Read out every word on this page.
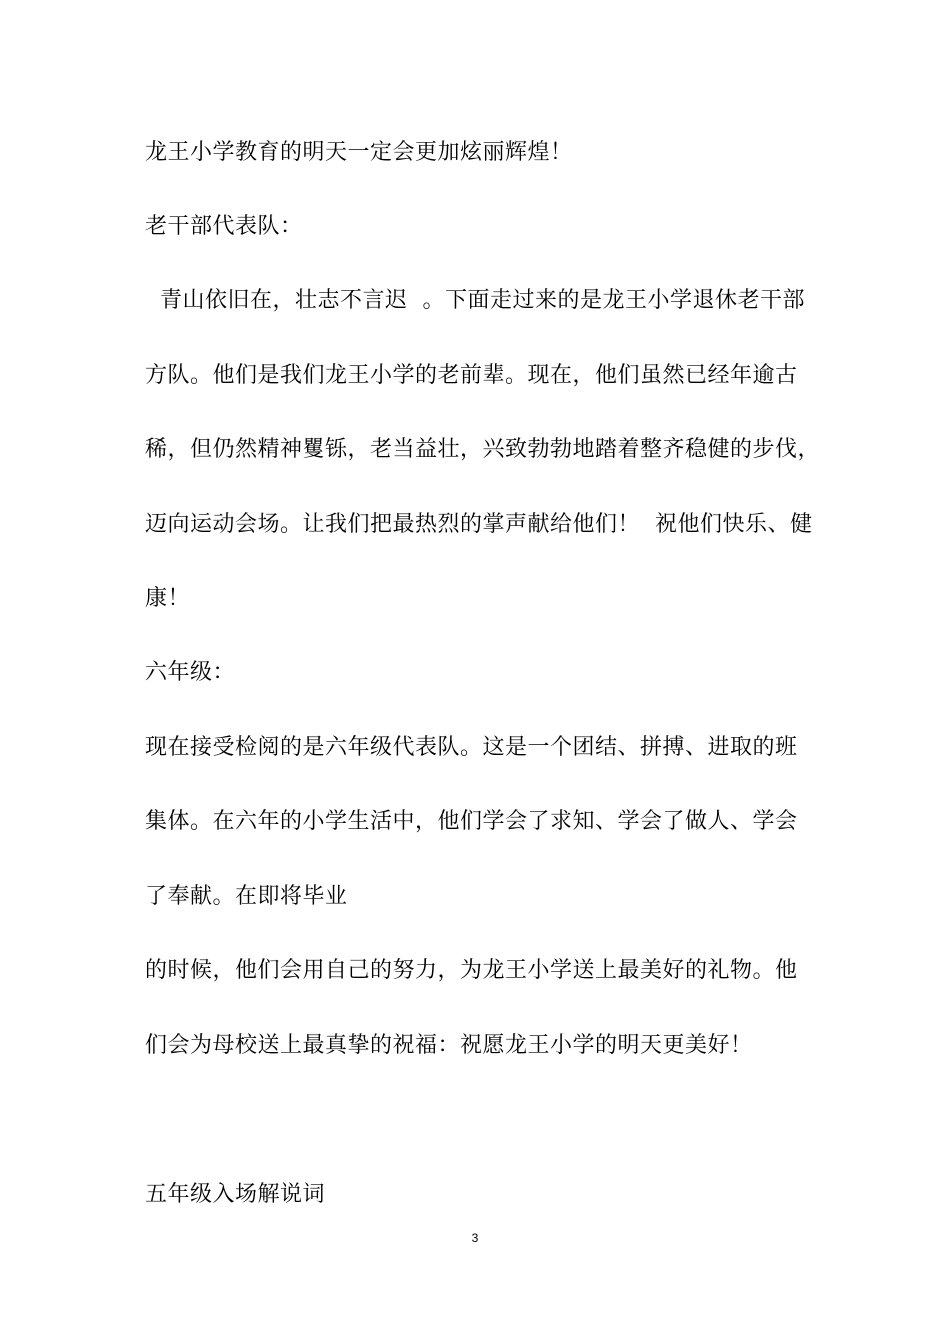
龙王小学教育的明天一定会更加炫丽辉煌！
老干部代表队：
青山依旧在，壮志不言迟  。下面走过来的是龙王小学退休老干部
方队。他们是我们龙王小学的老前辈。现在，他们虽然已经年逾古
稀，但仍然精神矍铄，老当益壮，兴致勃勃地踏着整齐稳健的步伐，
迈向运动会场。让我们把最热烈的掌声献给他们！  祝他们快乐、健
康！
六年级：
现在接受检阅的是六年级代表队。这是一个团结、拼搏、进取的班
集体。在六年的小学生活中，他们学会了求知、学会了做人、学会
了奉献。在即将毕业
的时候，他们会用自己的努力，为龙王小学送上最美好的礼物。他
们会为母校送上最真挚的祝福：祝愿龙王小学的明天更美好！
五年级入场解说词
3
